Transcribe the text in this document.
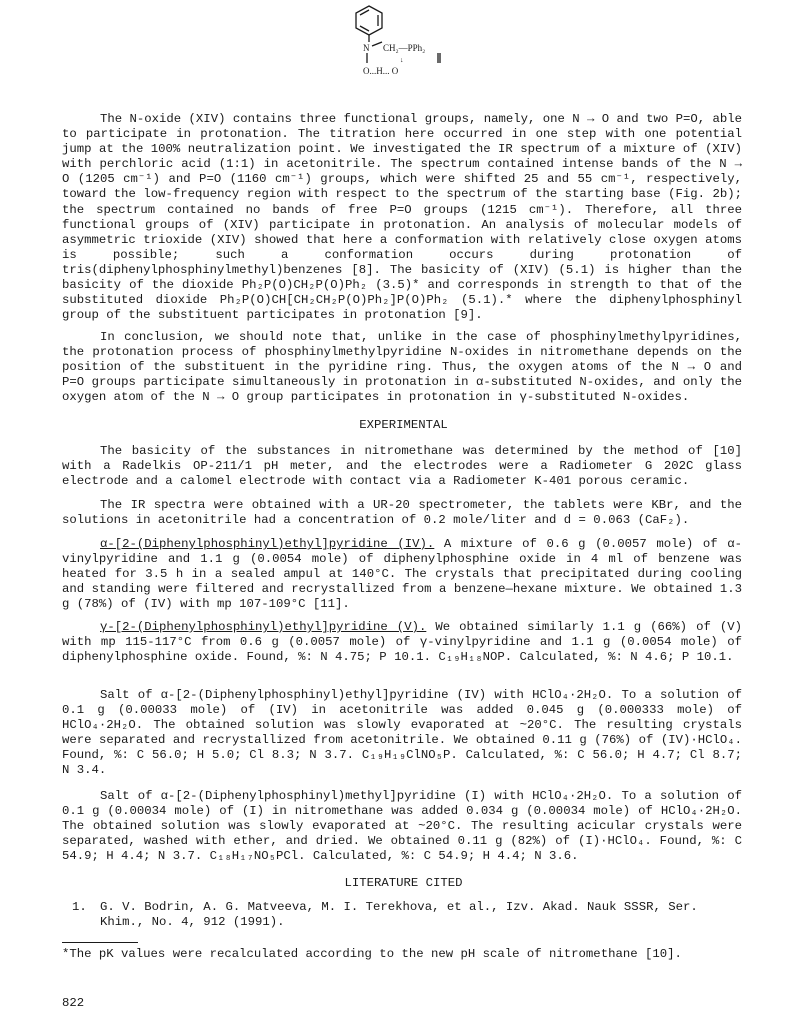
N CH₂—PPh₂
↓
O...H... O

The N-oxide (XIV) contains three functional groups, namely, one N → O and two P=O, able to participate in protonation. The titration here occurred in one step with one potential jump at the 100% neutralization point. We investigated the IR spectrum of a mixture of (XIV) with perchloric acid (1:1) in acetonitrile. The spectrum contained intense bands of the N → O (1205 cm⁻¹) and P=O (1160 cm⁻¹) groups, which were shifted 25 and 55 cm⁻¹, respectively, toward the low-frequency region with respect to the spectrum of the starting base (Fig. 2b); the spectrum contained no bands of free P=O groups (1215 cm⁻¹). Therefore, all three functional groups of (XIV) participate in protonation. An analysis of molecular models of asymmetric trioxide (XIV) showed that here a conformation with relatively close oxygen atoms is possible; such a conformation occurs during protonation of tris(diphenylphosphinylmethyl)benzenes [8]. The basicity of (XIV) (5.1) is higher than the basicity of the dioxide Ph₂P(O)CH₂P(O)Ph₂ (3.5)* and corresponds in strength to that of the substituted dioxide Ph₂P(O)CH[CH₂CH₂P(O)Ph₂]P(O)Ph₂ (5.1).* where the diphenylphosphinyl group of the substituent participates in protonation [9].

In conclusion, we should note that, unlike in the case of phosphinylmethylpyridines, the protonation process of phosphinylmethylpyridine N-oxides in nitromethane depends on the position of the substituent in the pyridine ring. Thus, the oxygen atoms of the N → O and P=O groups participate simultaneously in protonation in α-substituted N-oxides, and only the oxygen atom of the N → O group participates in protonation in γ-substituted N-oxides.

EXPERIMENTAL

The basicity of the substances in nitromethane was determined by the method of [10] with a Radelkis OP-211/1 pH meter, and the electrodes were a Radiometer G 202C glass electrode and a calomel electrode with contact via a Radiometer K-401 porous ceramic.

The IR spectra were obtained with a UR-20 spectrometer, the tablets were KBr, and the solutions in acetonitrile had a concentration of 0.2 mole/liter and d = 0.063 (CaF₂).

α-[2-(Diphenylphosphinyl)ethyl]pyridine (IV). A mixture of 0.6 g (0.0057 mole) of α-vinylpyridine and 1.1 g (0.0054 mole) of diphenylphosphine oxide in 4 ml of benzene was heated for 3.5 h in a sealed ampul at 140°C. The crystals that precipitated during cooling and standing were filtered and recrystallized from a benzene—hexane mixture. We obtained 1.3 g (78%) of (IV) with mp 107-109°C [11].

γ-[2-(Diphenylphosphinyl)ethyl]pyridine (V). We obtained similarly 1.1 g (66%) of (V) with mp 115-117°C from 0.6 g (0.0057 mole) of γ-vinylpyridine and 1.1 g (0.0054 mole) of diphenylphosphine oxide. Found, %: N 4.75; P 10.1. C₁₉H₁₈NOP. Calculated, %: N 4.6; P 10.1.

Salt of α-[2-(Diphenylphosphinyl)ethyl]pyridine (IV) with HClO₄·2H₂O. To a solution of 0.1 g (0.00033 mole) of (IV) in acetonitrile was added 0.045 g (0.000333 mole) of HClO₄·2H₂O. The obtained solution was slowly evaporated at ~20°C. The resulting crystals were separated and recrystallized from acetonitrile. We obtained 0.11 g (76%) of (IV)·HClO₄. Found, %: C 56.0; H 5.0; Cl 8.3; N 3.7. C₁₉H₁₉ClNO₅P. Calculated, %: C 56.0; H 4.7; Cl 8.7; N 3.4.

Salt of α-[2-(Diphenylphosphinyl)methyl]pyridine (I) with HClO₄·2H₂O. To a solution of 0.1 g (0.00034 mole) of (I) in nitromethane was added 0.034 g (0.00034 mole) of HClO₄·2H₂O. The obtained solution was slowly evaporated at ~20°C. The resulting acicular crystals were separated, washed with ether, and dried. We obtained 0.11 g (82%) of (I)·HClO₄. Found, %: C 54.9; H 4.4; N 3.7. C₁₈H₁₇NO₅PCl. Calculated, %: C 54.9; H 4.4; N 3.6.

LITERATURE CITED

1.	G. V. Bodrin, A. G. Matveeva, M. I. Terekhova, et al., Izv. Akad. Nauk SSSR, Ser. Khim., No. 4, 912 (1991).

*The pK values were recalculated according to the new pH scale of nitromethane [10].

822
